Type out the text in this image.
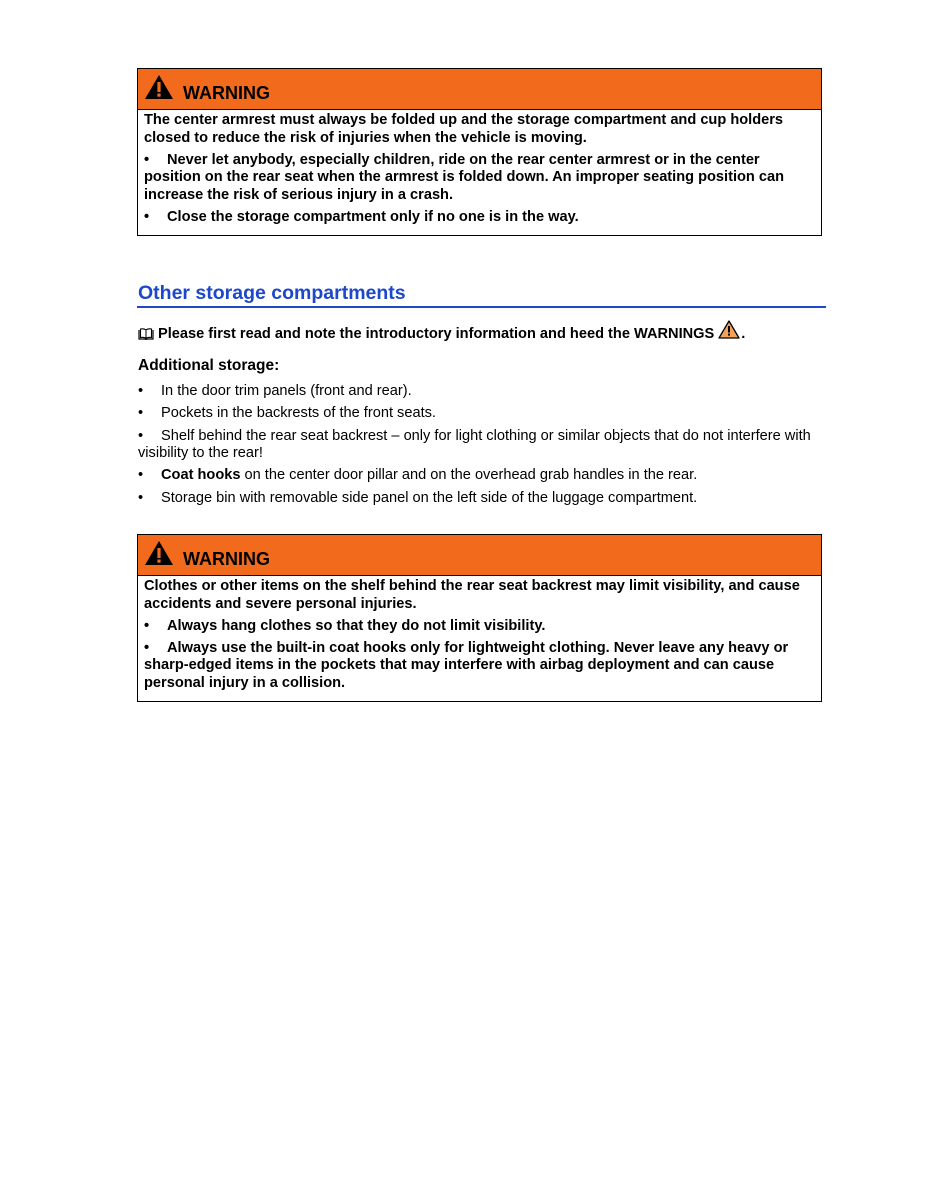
WARNING

The center armrest must always be folded up and the storage compartment and cup holders closed to reduce the risk of injuries when the vehicle is moving.

• Never let anybody, especially children, ride on the rear center armrest or in the center position on the rear seat when the armrest is folded down. An improper seating position can increase the risk of serious injury in a crash.

• Close the storage compartment only if no one is in the way.

Other storage compartments
Please first read and note the introductory information and heed the WARNINGS .
Additional storage:
• In the door trim panels (front and rear).
• Pockets in the backrests of the front seats.
• Shelf behind the rear seat backrest – only for light clothing or similar objects that do not interfere with visibility to the rear!
• Coat hooks on the center door pillar and on the overhead grab handles in the rear.
• Storage bin with removable side panel on the left side of the luggage compartment.
WARNING

Clothes or other items on the shelf behind the rear seat backrest may limit visibility, and cause accidents and severe personal injuries.

• Always hang clothes so that they do not limit visibility.

• Always use the built-in coat hooks only for lightweight clothing. Never leave any heavy or sharp-edged items in the pockets that may interfere with airbag deployment and can cause personal injury in a collision.
